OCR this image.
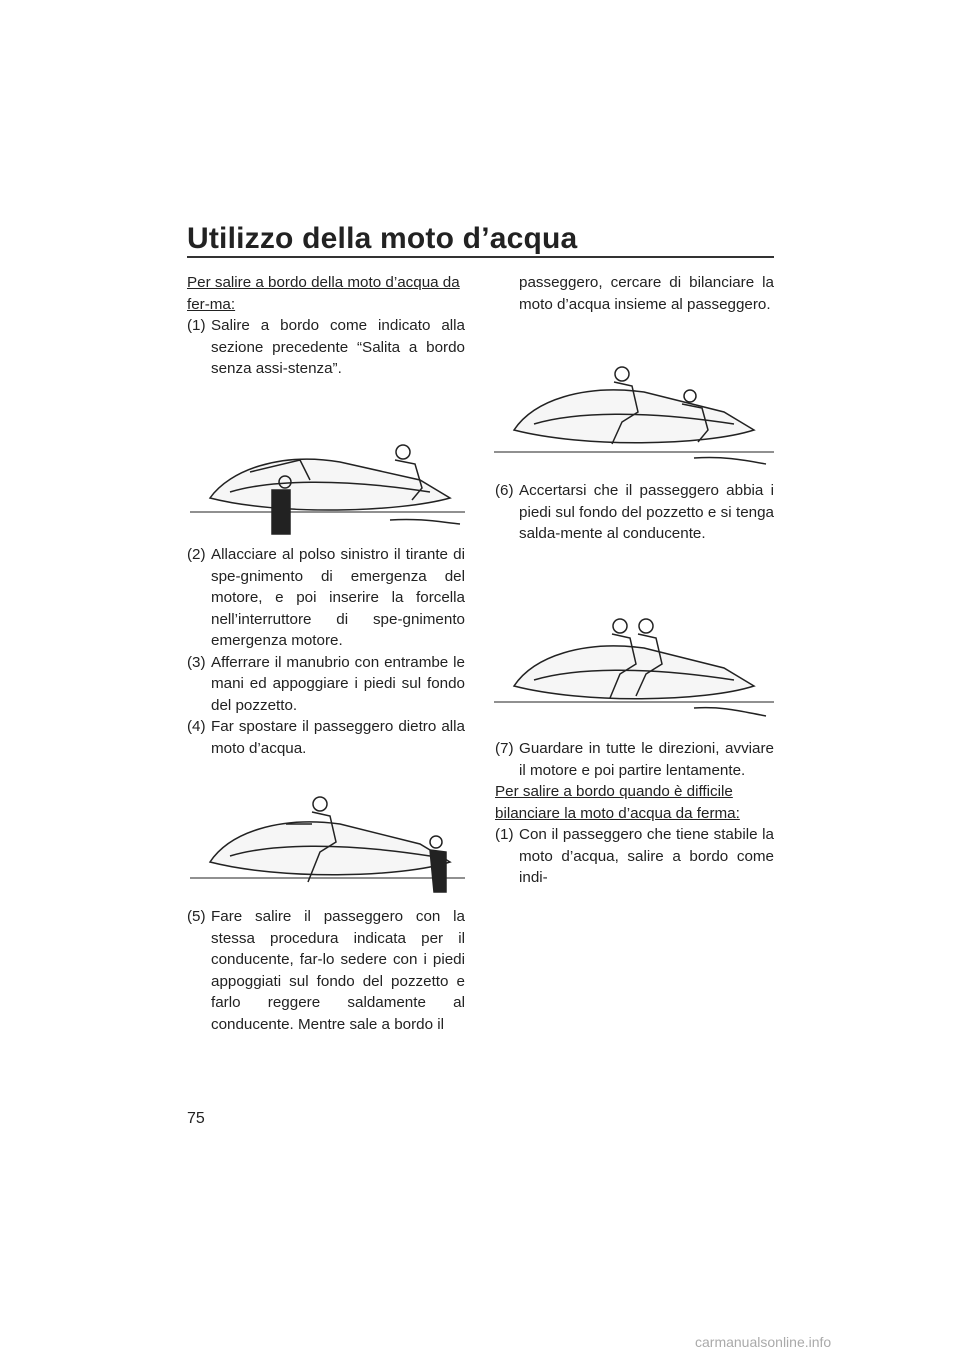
Utilizzo della moto d’acqua

Per salire a bordo della moto d’acqua da fer-ma:

(1) Salire a bordo come indicato alla sezione precedente “Salita a bordo senza assi-stenza”.

(2) Allacciare al polso sinistro il tirante di spe-gnimento di emergenza del motore, e poi inserire la forcella nell’interruttore di spe-gnimento emergenza motore.

(3) Afferrare il manubrio con entrambe le mani ed appoggiare i piedi sul fondo del pozzetto.

(4) Far spostare il passeggero dietro alla moto d’acqua.

(5) Fare salire il passeggero con la stessa procedura indicata per il conducente, far-lo sedere con i piedi appoggiati sul fondo del pozzetto e farlo reggere saldamente al conducente. Mentre sale a bordo il

passeggero, cercare di bilanciare la moto d’acqua insieme al passeggero.

(6) Accertarsi che il passeggero abbia i piedi sul fondo del pozzetto e si tenga salda-mente al conducente.

(7) Guardare in tutte le direzioni, avviare il motore e poi partire lentamente.

Per salire a bordo quando è difficile bilanciare la moto d’acqua da ferma:

(1) Con il passeggero che tiene stabile la moto d’acqua, salire a bordo come indi-

75
carmanualsonline.info
